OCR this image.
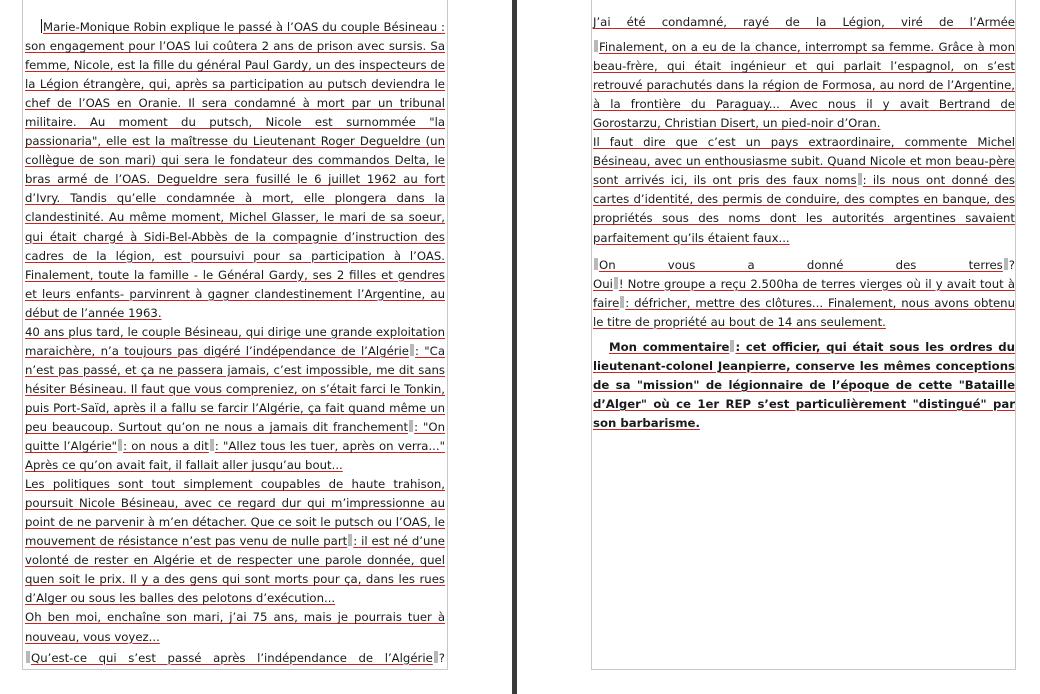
Marie-Monique Robin explique le passé à l’OAS du couple Bésineau : son engagement pour l’OAS lui coûtera 2 ans de prison avec sursis. Sa femme, Nicole, est la fille du général Paul Gardy, un des inspecteurs de la Légion étrangère, qui, après sa participation au putsch deviendra le chef de l’OAS en Oranie. Il sera condamné à mort par un tribunal militaire. Au moment du putsch, Nicole est surnommée "la passionaria", elle est la maîtresse du Lieutenant Roger Degueldre (un collègue de son mari) qui sera le fondateur des commandos Delta, le bras armé de l’OAS. Degueldre sera fusillé le 6 juillet 1962 au fort d’Ivry. Tandis qu’elle condamnée à mort, elle plongera dans la clandestinité. Au même moment, Michel Glasser, le mari de sa soeur, qui était chargé à Sidi-Bel-Abbès de la compagnie d’instruction des cadres de la légion, est poursuivi pour sa participation à l’OAS. Finalement, toute la famille - le Général Gardy, ses 2 filles et gendres et leurs enfants- parvinrent à gagner clandestinement l’Argentine, au début de l’année 1963.

40 ans plus tard, le couple Bésineau, qui dirige une grande exploitation maraichère, n’a toujours pas digéré l’indépendance de l’Algérie : "Ca n’est pas passé, et ça ne passera jamais, c’est impossible, me dit sans hésiter Bésineau. Il faut que vous compreniez, on s’était farci le Tonkin, puis Port-Saïd, après il a fallu se farcir l’Algérie, ça fait quand même un peu beaucoup. Surtout qu’on ne nous a jamais dit franchement : "On quitte l’Algérie" : on nous a dit : "Allez tous les tuer, après on verra..." Après ce qu’on avait fait, il fallait aller jusqu’au bout...

Les politiques sont tout simplement coupables de haute trahison, poursuit Nicole Bésineau, avec ce regard dur qui m’impressionne au point de ne parvenir à m’en détacher. Que ce soit le putsch ou l’OAS, le mouvement de résistance n’est pas venu de nulle part : il est né d’une volonté de rester en Algérie et de respecter une parole donnée, quel quen soit le prix. Il y a des gens qui sont morts pour ça, dans les rues d’Alger ou sous les balles des pelotons d’exécution...

Oh ben moi, enchaîne son mari, j’ai 75 ans, mais je pourrais tuer à nouveau, vous voyez...

Qu’est-ce qui s’est passé après l’indépendance de l’Algérie ?

J’ai été condamné, rayé de la Légion, viré de l’Armée

Finalement, on a eu de la chance, interrompt sa femme. Grâce à mon beau-frère, qui était ingénieur et qui parlait l’espagnol, on s’est retrouvé parachutés dans la région de Formosa, au nord de l’Argentine, à la frontière du Paraguay... Avec nous il y avait Bertrand de Gorostarzu, Christian Disert, un pied-noir d’Oran.

Il faut dire que c’est un pays extraordinaire, commente Michel Bésineau, avec un enthousiasme subit. Quand Nicole et mon beau-père sont arrivés ici, ils ont pris des faux noms : ils nous ont donné des cartes d’identité, des permis de conduire, des comptes en banque, des propriétés sous des noms dont les autorités argentines savaient parfaitement qu’ils étaient faux...

On vous a donné des terres ?

Oui ! Notre groupe a reçu 2.500ha de terres vierges où il y avait tout à faire : défricher, mettre des clôtures... Finalement, nous avons obtenu le titre de propriété au bout de 14 ans seulement.

Mon commentaire : cet officier, qui était sous les ordres du lieutenant-colonel Jeanpierre, conserve les mêmes conceptions de sa "mission" de légionnaire de l’époque de cette "Bataille d’Alger" où ce 1er REP s’est particulièrement "distingué" par son barbarisme.
